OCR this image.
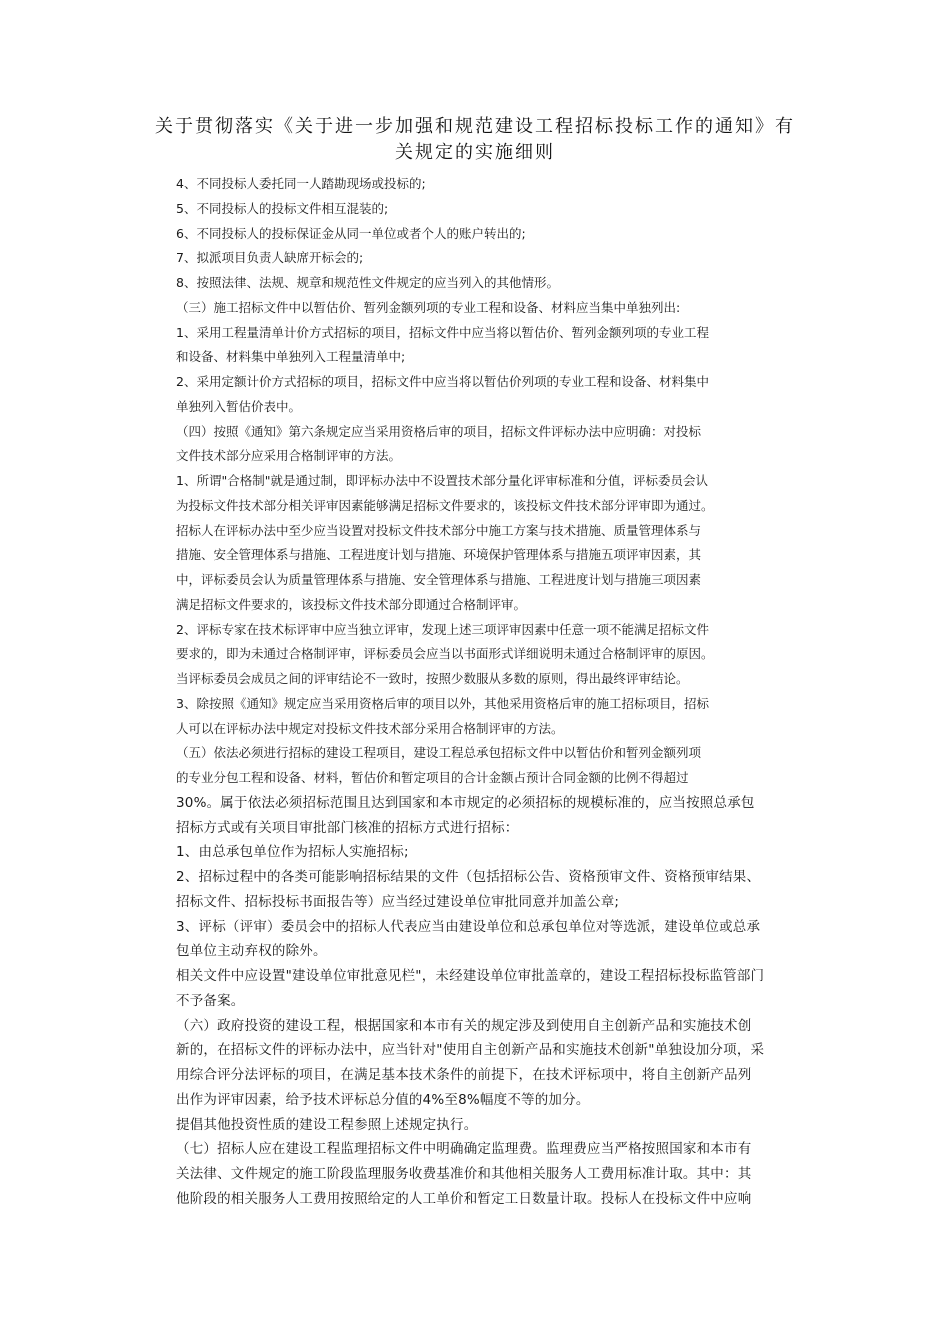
关于贯彻落实《关于进一步加强和规范建设工程招标投标工作的通知》有
关规定的实施细则
4、不同投标人委托同一人踏勘现场或投标的;
5、不同投标人的投标文件相互混装的;
6、不同投标人的投标保证金从同一单位或者个人的账户转出的;
7、拟派项目负责人缺席开标会的;
8、按照法律、法规、规章和规范性文件规定的应当列入的其他情形。
（三）施工招标文件中以暂估价、暂列金额列项的专业工程和设备、材料应当集中单独列出:
1、采用工程量清单计价方式招标的项目，招标文件中应当将以暂估价、暂列金额列项的专业工程
和设备、材料集中单独列入工程量清单中;
2、采用定额计价方式招标的项目，招标文件中应当将以暂估价列项的专业工程和设备、材料集中
单独列入暂估价表中。
（四）按照《通知》第六条规定应当采用资格后审的项目，招标文件评标办法中应明确：对投标
文件技术部分应采用合格制评审的方法。
1、所谓"合格制"就是通过制，即评标办法中不设置技术部分量化评审标准和分值，评标委员会认
为投标文件技术部分相关评审因素能够满足招标文件要求的，该投标文件技术部分评审即为通过。
招标人在评标办法中至少应当设置对投标文件技术部分中施工方案与技术措施、质量管理体系与
措施、安全管理体系与措施、工程进度计划与措施、环境保护管理体系与措施五项评审因素，其
中，评标委员会认为质量管理体系与措施、安全管理体系与措施、工程进度计划与措施三项因素
满足招标文件要求的，该投标文件技术部分即通过合格制评审。
2、评标专家在技术标评审中应当独立评审，发现上述三项评审因素中任意一项不能满足招标文件
要求的，即为未通过合格制评审，评标委员会应当以书面形式详细说明未通过合格制评审的原因。
当评标委员会成员之间的评审结论不一致时，按照少数服从多数的原则，得出最终评审结论。
3、除按照《通知》规定应当采用资格后审的项目以外，其他采用资格后审的施工招标项目，招标
人可以在评标办法中规定对投标文件技术部分采用合格制评审的方法。
（五）依法必须进行招标的建设工程项目，建设工程总承包招标文件中以暂估价和暂列金额列项
的专业分包工程和设备、材料，暂估价和暂定项目的合计金额占预计合同金额的比例不得超过
30%。属于依法必须招标范围且达到国家和本市规定的必须招标的规模标准的，应当按照总承包
招标方式或有关项目审批部门核准的招标方式进行招标：
1、由总承包单位作为招标人实施招标;
2、招标过程中的各类可能影响招标结果的文件（包括招标公告、资格预审文件、资格预审结果、
招标文件、招标投标书面报告等）应当经过建设单位审批同意并加盖公章;
3、评标（评审）委员会中的招标人代表应当由建设单位和总承包单位对等选派，建设单位或总承
包单位主动弃权的除外。
相关文件中应设置"建设单位审批意见栏"，未经建设单位审批盖章的，建设工程招标投标监管部门
不予备案。
（六）政府投资的建设工程，根据国家和本市有关的规定涉及到使用自主创新产品和实施技术创
新的，在招标文件的评标办法中，应当针对"使用自主创新产品和实施技术创新"单独设加分项，采
用综合评分法评标的项目，在满足基本技术条件的前提下，在技术评标项中，将自主创新产品列
出作为评审因素，给予技术评标总分值的4%至8%幅度不等的加分。
提倡其他投资性质的建设工程参照上述规定执行。
（七）招标人应在建设工程监理招标文件中明确确定监理费。监理费应当严格按照国家和本市有
关法律、文件规定的施工阶段监理服务收费基准价和其他相关服务人工费用标准计取。其中：其
他阶段的相关服务人工费用按照给定的人工单价和暂定工日数量计取。投标人在投标文件中应响
